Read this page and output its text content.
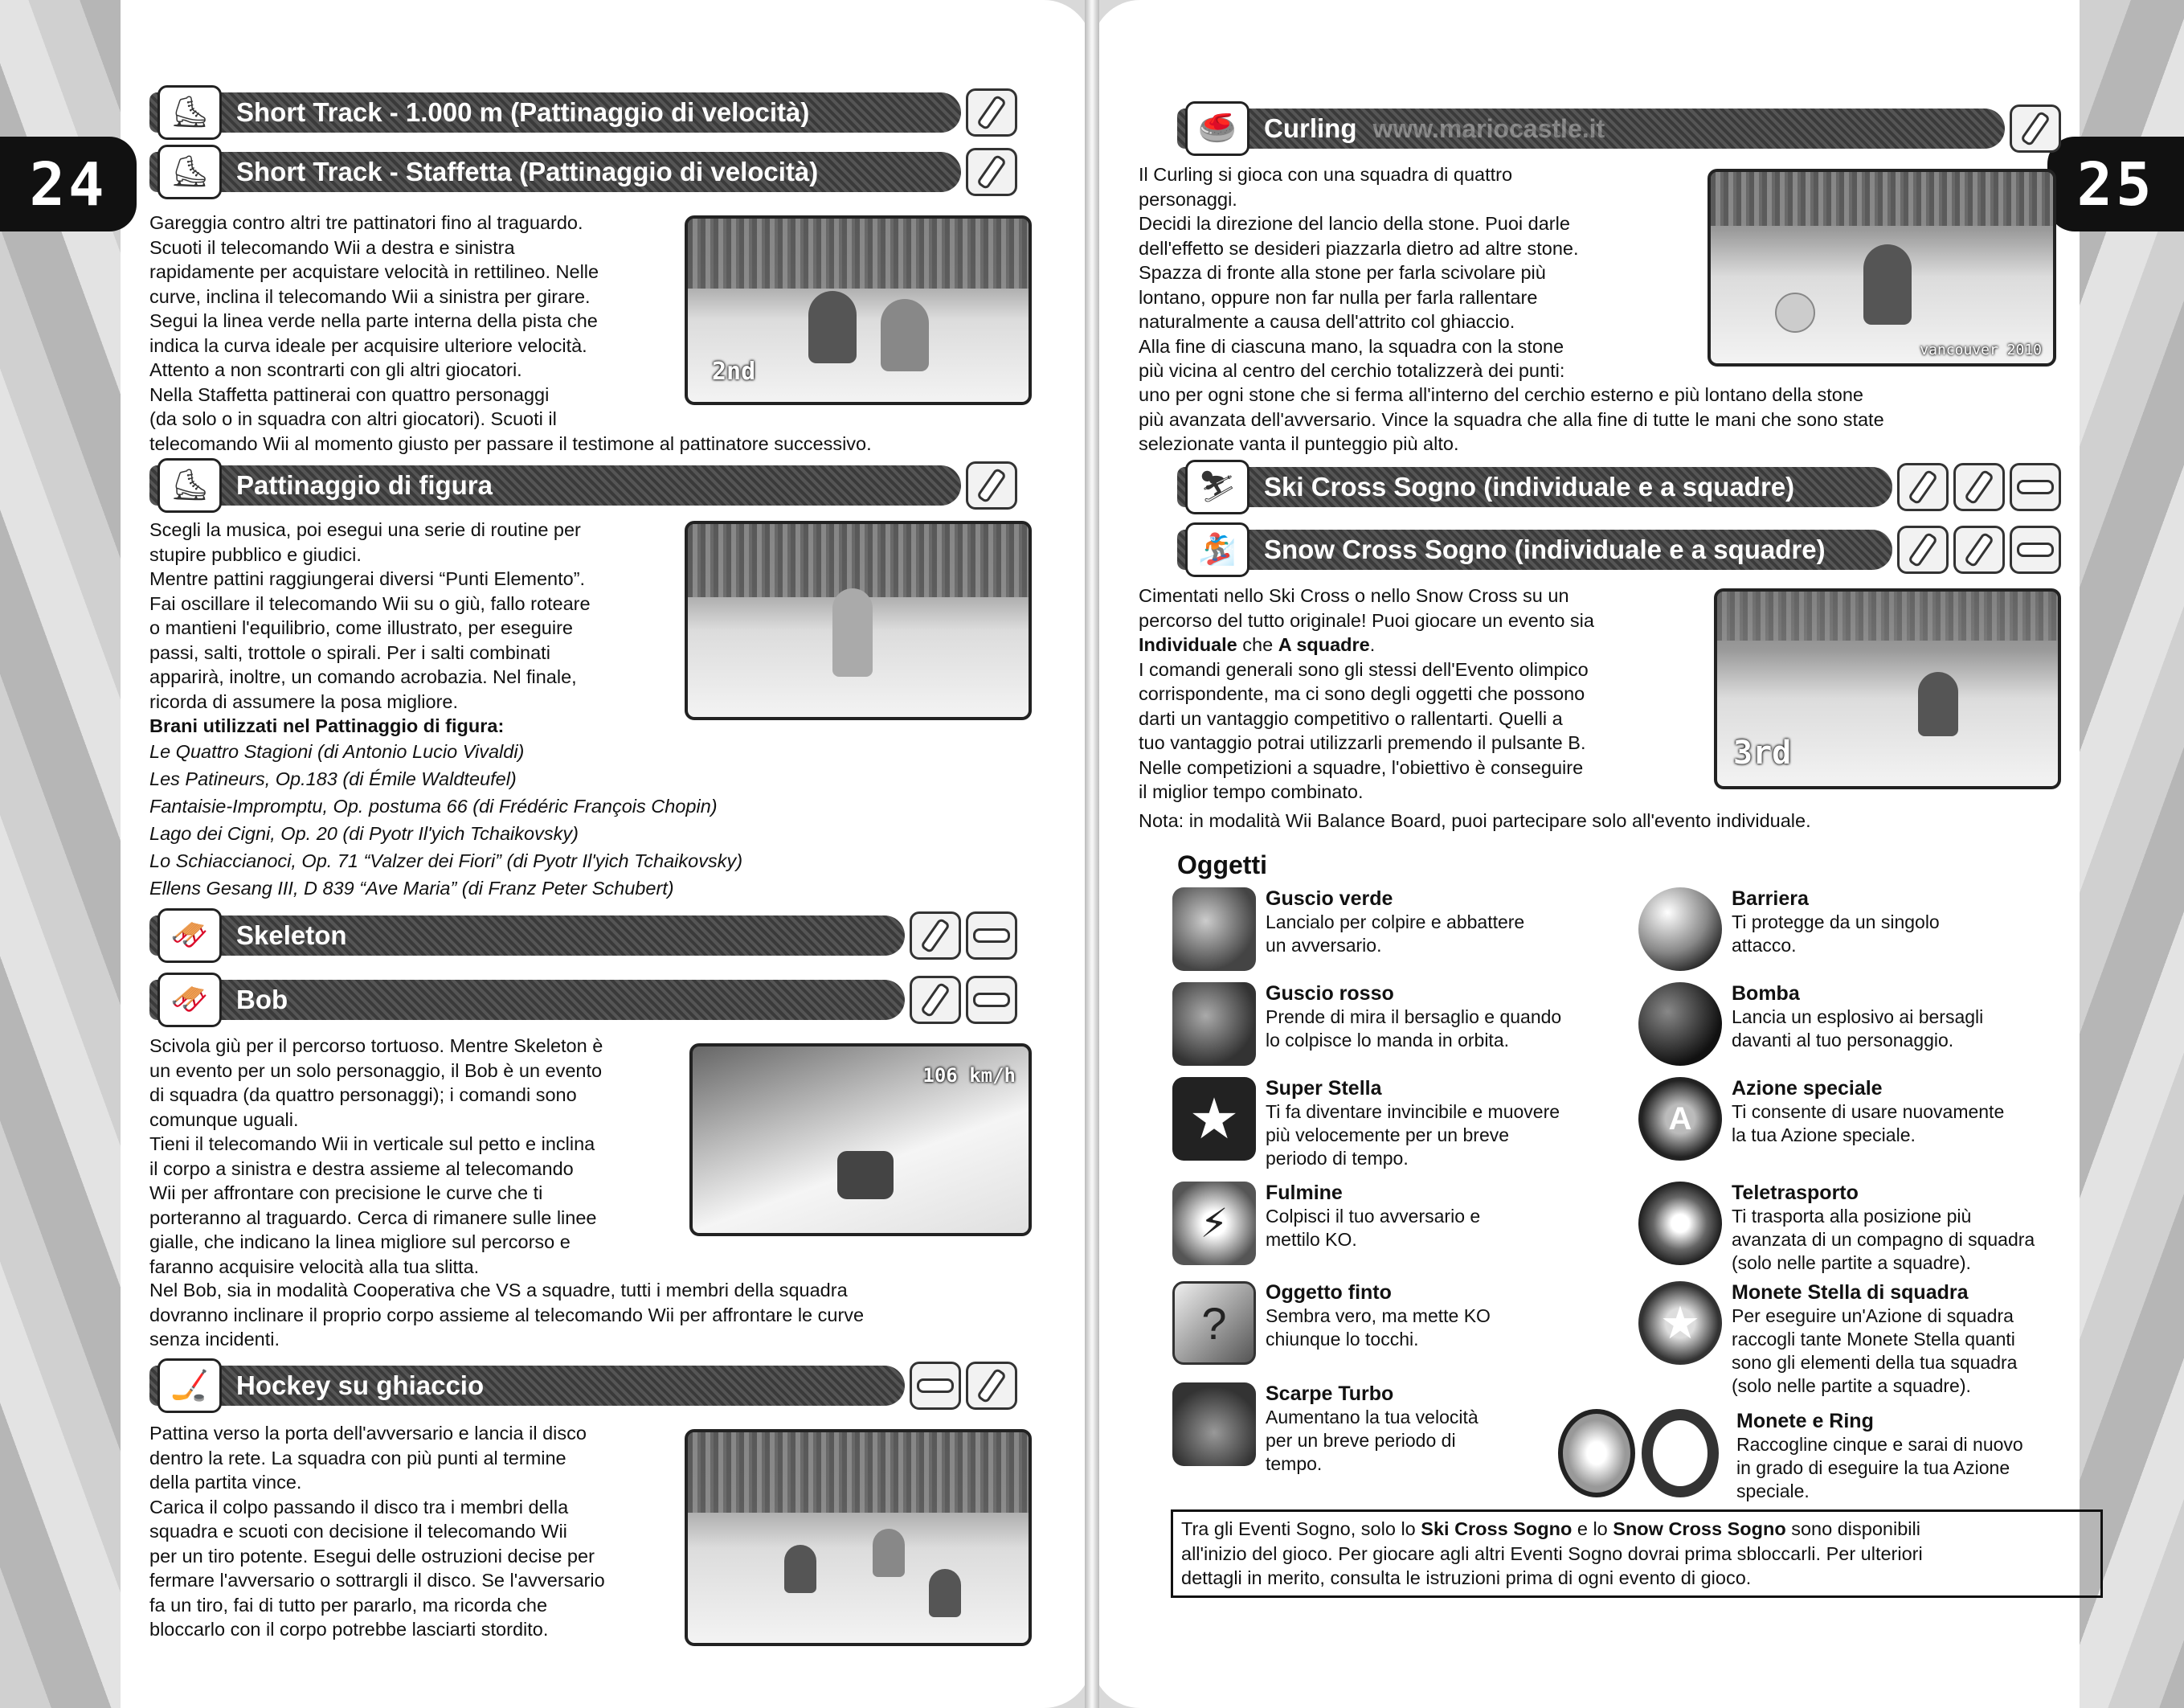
24
Short Track - 1.000 m (Pattinaggio di velocità)
⛸
Short Track - Staffetta (Pattinaggio di velocità)
⛸

Gareggia contro altri tre pattinatori fino al traguardo.

Scuoti il telecomando Wii a destra e sinistra

rapidamente per acquistare velocità in rettilineo. Nelle

curve, inclina il telecomando Wii a sinistra per girare.

Segui la linea verde nella parte interna della pista che

indica la curva ideale per acquisire ulteriore velocità.

Attento a non scontrarti con gli altri giocatori.

Nella Staffetta pattinerai con quattro personaggi

(da solo o in squadra con altri giocatori). Scuoti il

telecomando Wii al momento giusto per passare il testimone al pattinatore successivo.

2nd
Pattinaggio di figura
⛸

Scegli la musica, poi esegui una serie di routine per

stupire pubblico e giudici.

Mentre pattini raggiungerai diversi “Punti Elemento”.

Fai oscillare il telecomando Wii su o giù, fallo roteare

o mantieni l'equilibrio, come illustrato, per eseguire

passi, salti, trottole o spirali. Per i salti combinati

apparirà, inoltre, un comando acrobazia. Nel finale,

ricorda di assumere la posa migliore.

Brani utilizzati nel Pattinaggio di figura:

Le Quattro Stagioni (di Antonio Lucio Vivaldi)

Les Patineurs, Op.183 (di Émile Waldteufel)

Fantaisie-Impromptu, Op. postuma 66 (di Frédéric François Chopin)

Lago dei Cigni, Op. 20 (di Pyotr Il'yich Tchaikovsky)

Lo Schiaccianoci, Op. 71 “Valzer dei Fiori” (di Pyotr Il'yich Tchaikovsky)

Ellens Gesang III, D 839 “Ave Maria” (di Franz Peter Schubert)

Skeleton
🛷
Bob
🛷

Scivola giù per il percorso tortuoso. Mentre Skeleton è

un evento per un solo personaggio, il Bob è un evento

di squadra (da quattro personaggi); i comandi sono

comunque uguali.

Tieni il telecomando Wii in verticale sul petto e inclina

il corpo a sinistra e destra assieme al telecomando

Wii per affrontare con precisione le curve che ti

porteranno al traguardo. Cerca di rimanere sulle linee

gialle, che indicano la linea migliore sul percorso e

faranno acquisire velocità alla tua slitta.

Nel Bob, sia in modalità Cooperativa che VS a squadre, tutti i membri della squadra

dovranno inclinare il proprio corpo assieme al telecomando Wii per affrontare le curve

senza incidenti.

106 km/h
Hockey su ghiaccio
🏒

Pattina verso la porta dell'avversario e lancia il disco

dentro la rete. La squadra con più punti al termine

della partita vince.

Carica il colpo passando il disco tra i membri della

squadra e scuoti con decisione il telecomando Wii

per un tiro potente. Esegui delle ostruzioni decise per

fermare l'avversario o sottrargli il disco. Se l'avversario

fa un tiro, fai di tutto per pararlo, ma ricorda che

bloccarlo con il corpo potrebbe lasciarti stordito.

25
Curling www.mariocastle.it
🥌

Il Curling si gioca con una squadra di quattro

personaggi.

Decidi la direzione del lancio della stone. Puoi darle

dell'effetto se desideri piazzarla dietro ad altre stone.

Spazza di fronte alla stone per farla scivolare più

lontano, oppure non far nulla per farla rallentare

naturalmente a causa dell'attrito col ghiaccio.

Alla fine di ciascuna mano, la squadra con la stone

più vicina al centro del cerchio totalizzerà dei punti:

uno per ogni stone che si ferma all'interno del cerchio esterno e più lontano della stone

più avanzata dell'avversario. Vince la squadra che alla fine di tutte le mani che sono state

selezionate vanta il punteggio più alto.

vancouver 2010
Ski Cross Sogno (individuale e a squadre)
⛷
Snow Cross Sogno (individuale e a squadre)
🏂

Cimentati nello Ski Cross o nello Snow Cross su un

percorso del tutto originale! Puoi giocare un evento sia

Individuale che A squadre.

I comandi generali sono gli stessi dell'Evento olimpico

corrispondente, ma ci sono degli oggetti che possono

darti un vantaggio competitivo o rallentarti. Quelli a

tuo vantaggio potrai utilizzarli premendo il pulsante B.

Nelle competizioni a squadre, l'obiettivo è conseguire

il miglior tempo combinato.

Nota: in modalità Wii Balance Board, puoi partecipare solo all'evento individuale.
3rd
Oggetti
Guscio verde
Lancialo per colpire e abbattere
un avversario.
Guscio rosso
Prende di mira il bersaglio e quando
lo colpisce lo manda in orbita.
★ Super Stella
Ti fa diventare invincibile e muovere
più velocemente per un breve
periodo di tempo.
⚡
Fulmine
Colpisci il tuo avversario e
mettilo KO.
?
Oggetto finto
Sembra vero, ma mette KO
chiunque lo tocchi.
Scarpe Turbo
Aumentano la tua velocità
per un breve periodo di
tempo.
Barriera
Ti protegge da un singolo
attacco.
Bomba
Lancia un esplosivo ai bersagli
davanti al tuo personaggio.
A
Azione speciale
Ti consente di usare nuovamente
la tua Azione speciale.
Teletrasporto
Ti trasporta alla posizione più
avanzata di un compagno di squadra
(solo nelle partite a squadre).
★
Monete Stella di squadra
Per eseguire un'Azione di squadra
raccogli tante Monete Stella quanti
sono gli elementi della tua squadra
(solo nelle partite a squadre).
Monete e Ring
Raccogline cinque e sarai di nuovo
in grado di eseguire la tua Azione
speciale.

Tra gli Eventi Sogno, solo lo Ski Cross Sogno e lo Snow Cross Sogno sono disponibili

all'inizio del gioco. Per giocare agli altri Eventi Sogno dovrai prima sbloccarli. Per ulteriori

dettagli in merito, consulta le istruzioni prima di ogni evento di gioco.
